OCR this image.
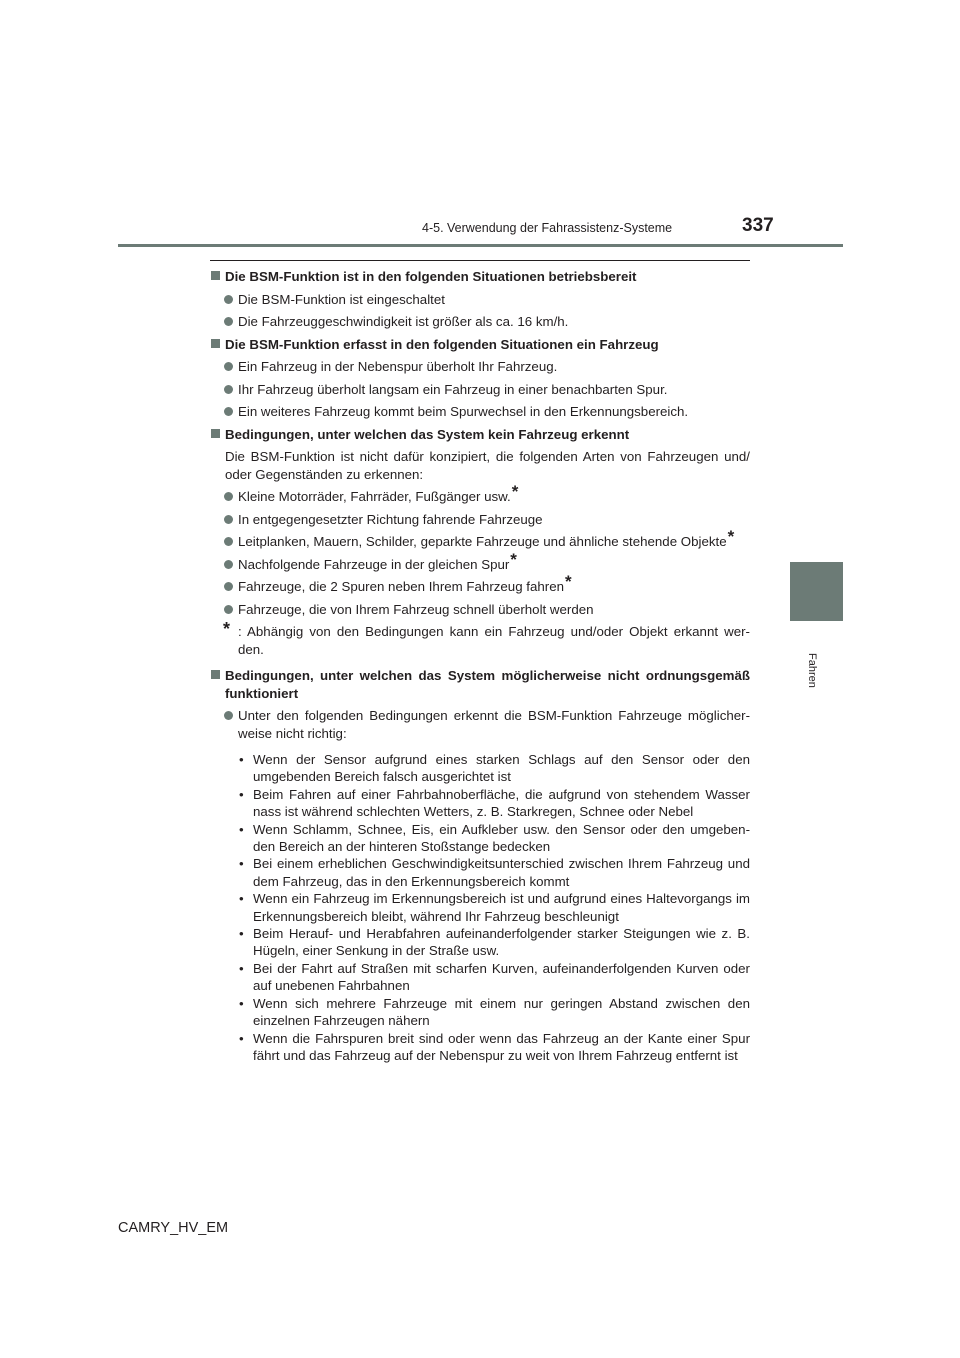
4-5. Verwendung der Fahrassistenz-Systeme	337
4
Fahren
Die BSM-Funktion ist in den folgenden Situationen betriebsbereit
Die BSM-Funktion ist eingeschaltet
Die Fahrzeuggeschwindigkeit ist größer als ca. 16 km/h.
Die BSM-Funktion erfasst in den folgenden Situationen ein Fahrzeug
Ein Fahrzeug in der Nebenspur überholt Ihr Fahrzeug.
Ihr Fahrzeug überholt langsam ein Fahrzeug in einer benachbarten Spur.
Ein weiteres Fahrzeug kommt beim Spurwechsel in den Erkennungsbereich.
Bedingungen, unter welchen das System kein Fahrzeug erkennt
Die BSM-Funktion ist nicht dafür konzipiert, die folgenden Arten von Fahrzeugen und/ oder Gegenständen zu erkennen:
Kleine Motorräder, Fahrräder, Fußgänger usw.*
In entgegengesetzter Richtung fahrende Fahrzeuge
Leitplanken, Mauern, Schilder, geparkte Fahrzeuge und ähnliche stehende Objekte*
Nachfolgende Fahrzeuge in der gleichen Spur*
Fahrzeuge, die 2 Spuren neben Ihrem Fahrzeug fahren*
Fahrzeuge, die von Ihrem Fahrzeug schnell überholt werden
* : Abhängig von den Bedingungen kann ein Fahrzeug und/oder Objekt erkannt wer- den.
Bedingungen, unter welchen das System möglicherweise nicht ordnungsgemäß funktioniert
Unter den folgenden Bedingungen erkennt die BSM-Funktion Fahrzeuge möglicher- weise nicht richtig:
• Wenn der Sensor aufgrund eines starken Schlags auf den Sensor oder den umgebenden Bereich falsch ausgerichtet ist
• Beim Fahren auf einer Fahrbahnoberfläche, die aufgrund von stehendem Wasser nass ist während schlechten Wetters, z. B. Starkregen, Schnee oder Nebel
• Wenn Schlamm, Schnee, Eis, ein Aufkleber usw. den Sensor oder den umgeben- den Bereich an der hinteren Stoßstange bedecken
• Bei einem erheblichen Geschwindigkeitsunterschied zwischen Ihrem Fahrzeug und dem Fahrzeug, das in den Erkennungsbereich kommt
• Wenn ein Fahrzeug im Erkennungsbereich ist und aufgrund eines Haltevorgangs im Erkennungsbereich bleibt, während Ihr Fahrzeug beschleunigt
• Beim Herauf- und Herabfahren aufeinanderfolgender starker Steigungen wie z. B. Hügeln, einer Senkung in der Straße usw.
• Bei der Fahrt auf Straßen mit scharfen Kurven, aufeinanderfolgenden Kurven oder auf unebenen Fahrbahnen
• Wenn sich mehrere Fahrzeuge mit einem nur geringen Abstand zwischen den einzelnen Fahrzeugen nähern
• Wenn die Fahrspuren breit sind oder wenn das Fahrzeug an der Kante einer Spur fährt und das Fahrzeug auf der Nebenspur zu weit von Ihrem Fahrzeug entfernt ist
CAMRY_HV_EM
